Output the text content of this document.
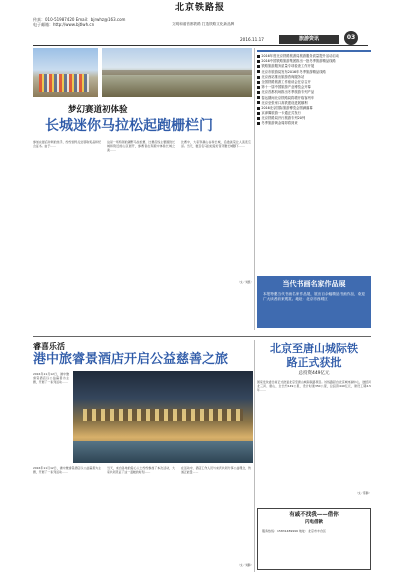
北京铁路报
传真：010-51987420 Email：bjrwhz@163.com
电子邮箱：http://www.bjtlwh.cn	文明和谐首都铁路 打造铁路文化新品牌
2016.11.17	旅游资讯	03
梦幻赛道初体验
长城迷你马拉松起跑栅栏门
参加完最后冲刺的选手，纷纷到终点处领取奖品和纪念证书。由于……
这是一场特别的越野马拉松赛，比赛沿线主要围绕长城和附近的山区展开，参赛者在奔跑中体验长城之美……
比赛中，大家穿越山谷和长城，沿途美景让人流连忘返。当天，数百名马拉松爱好者齐聚长城脚下……
（文／刘凯）
2016年度北京铁路旅游局旅游服务质量提升活动启动
2016中国铁路旅游集团推出一批冬季旅游精品线路
铁路旅游服务质量专项检查工作开展
北京市旅游局发布2016年冬季旅游精品线路
北京西站推出旅游咨询服务站
全国铁路旅游工作座谈会在京召开
第十一届中国旅游产业博览会开幕
北京首都机场推出冬季旅游专列产品
春运期间北京铁路局将增开临客列车
北京至张家口高铁建设进展顺利
2016北京国际旅游博览会圆满落幕
京津冀旅游一卡通正式发行
北京铁路局开行旅游专列20列
冬季旅游黄金周即将到来
当代书画名家作品展
本报特邀当代书画名家作品展，展出百余幅精品书画作品，欢迎广大读者前来观赏。地址：北京市西城区
睿喜乐活
港中旅睿景酒店开启公益慈善之旅
2016年11月12日，港中旅睿景酒店以公益慈善为主题，开展了一系列活动……
2016年11月12日，港中旅睿景酒店以公益慈善为主题，开展了一系列活动……
当天，来自各地的爱心人士纷纷参加了本次活动，大家共同见证了这一温暖的时刻……
在活动中，酒店工作人员与来宾共同分享公益理念，传递正能量……
（文／刘静）
北京至唐山城际铁
路正式获批
总投资449亿元
国家发改委日前正式批复北京至唐山城际铁路项目。该线路起自北京城市副中心，途经河北三河、唐山，全长约149公里，设计时速350公里，总投资449亿元，建设工期4.5年……
（文／陈静）
有戚不找我——借你
闪电借款
服务热线：15831489996 地址：北京市丰台区
